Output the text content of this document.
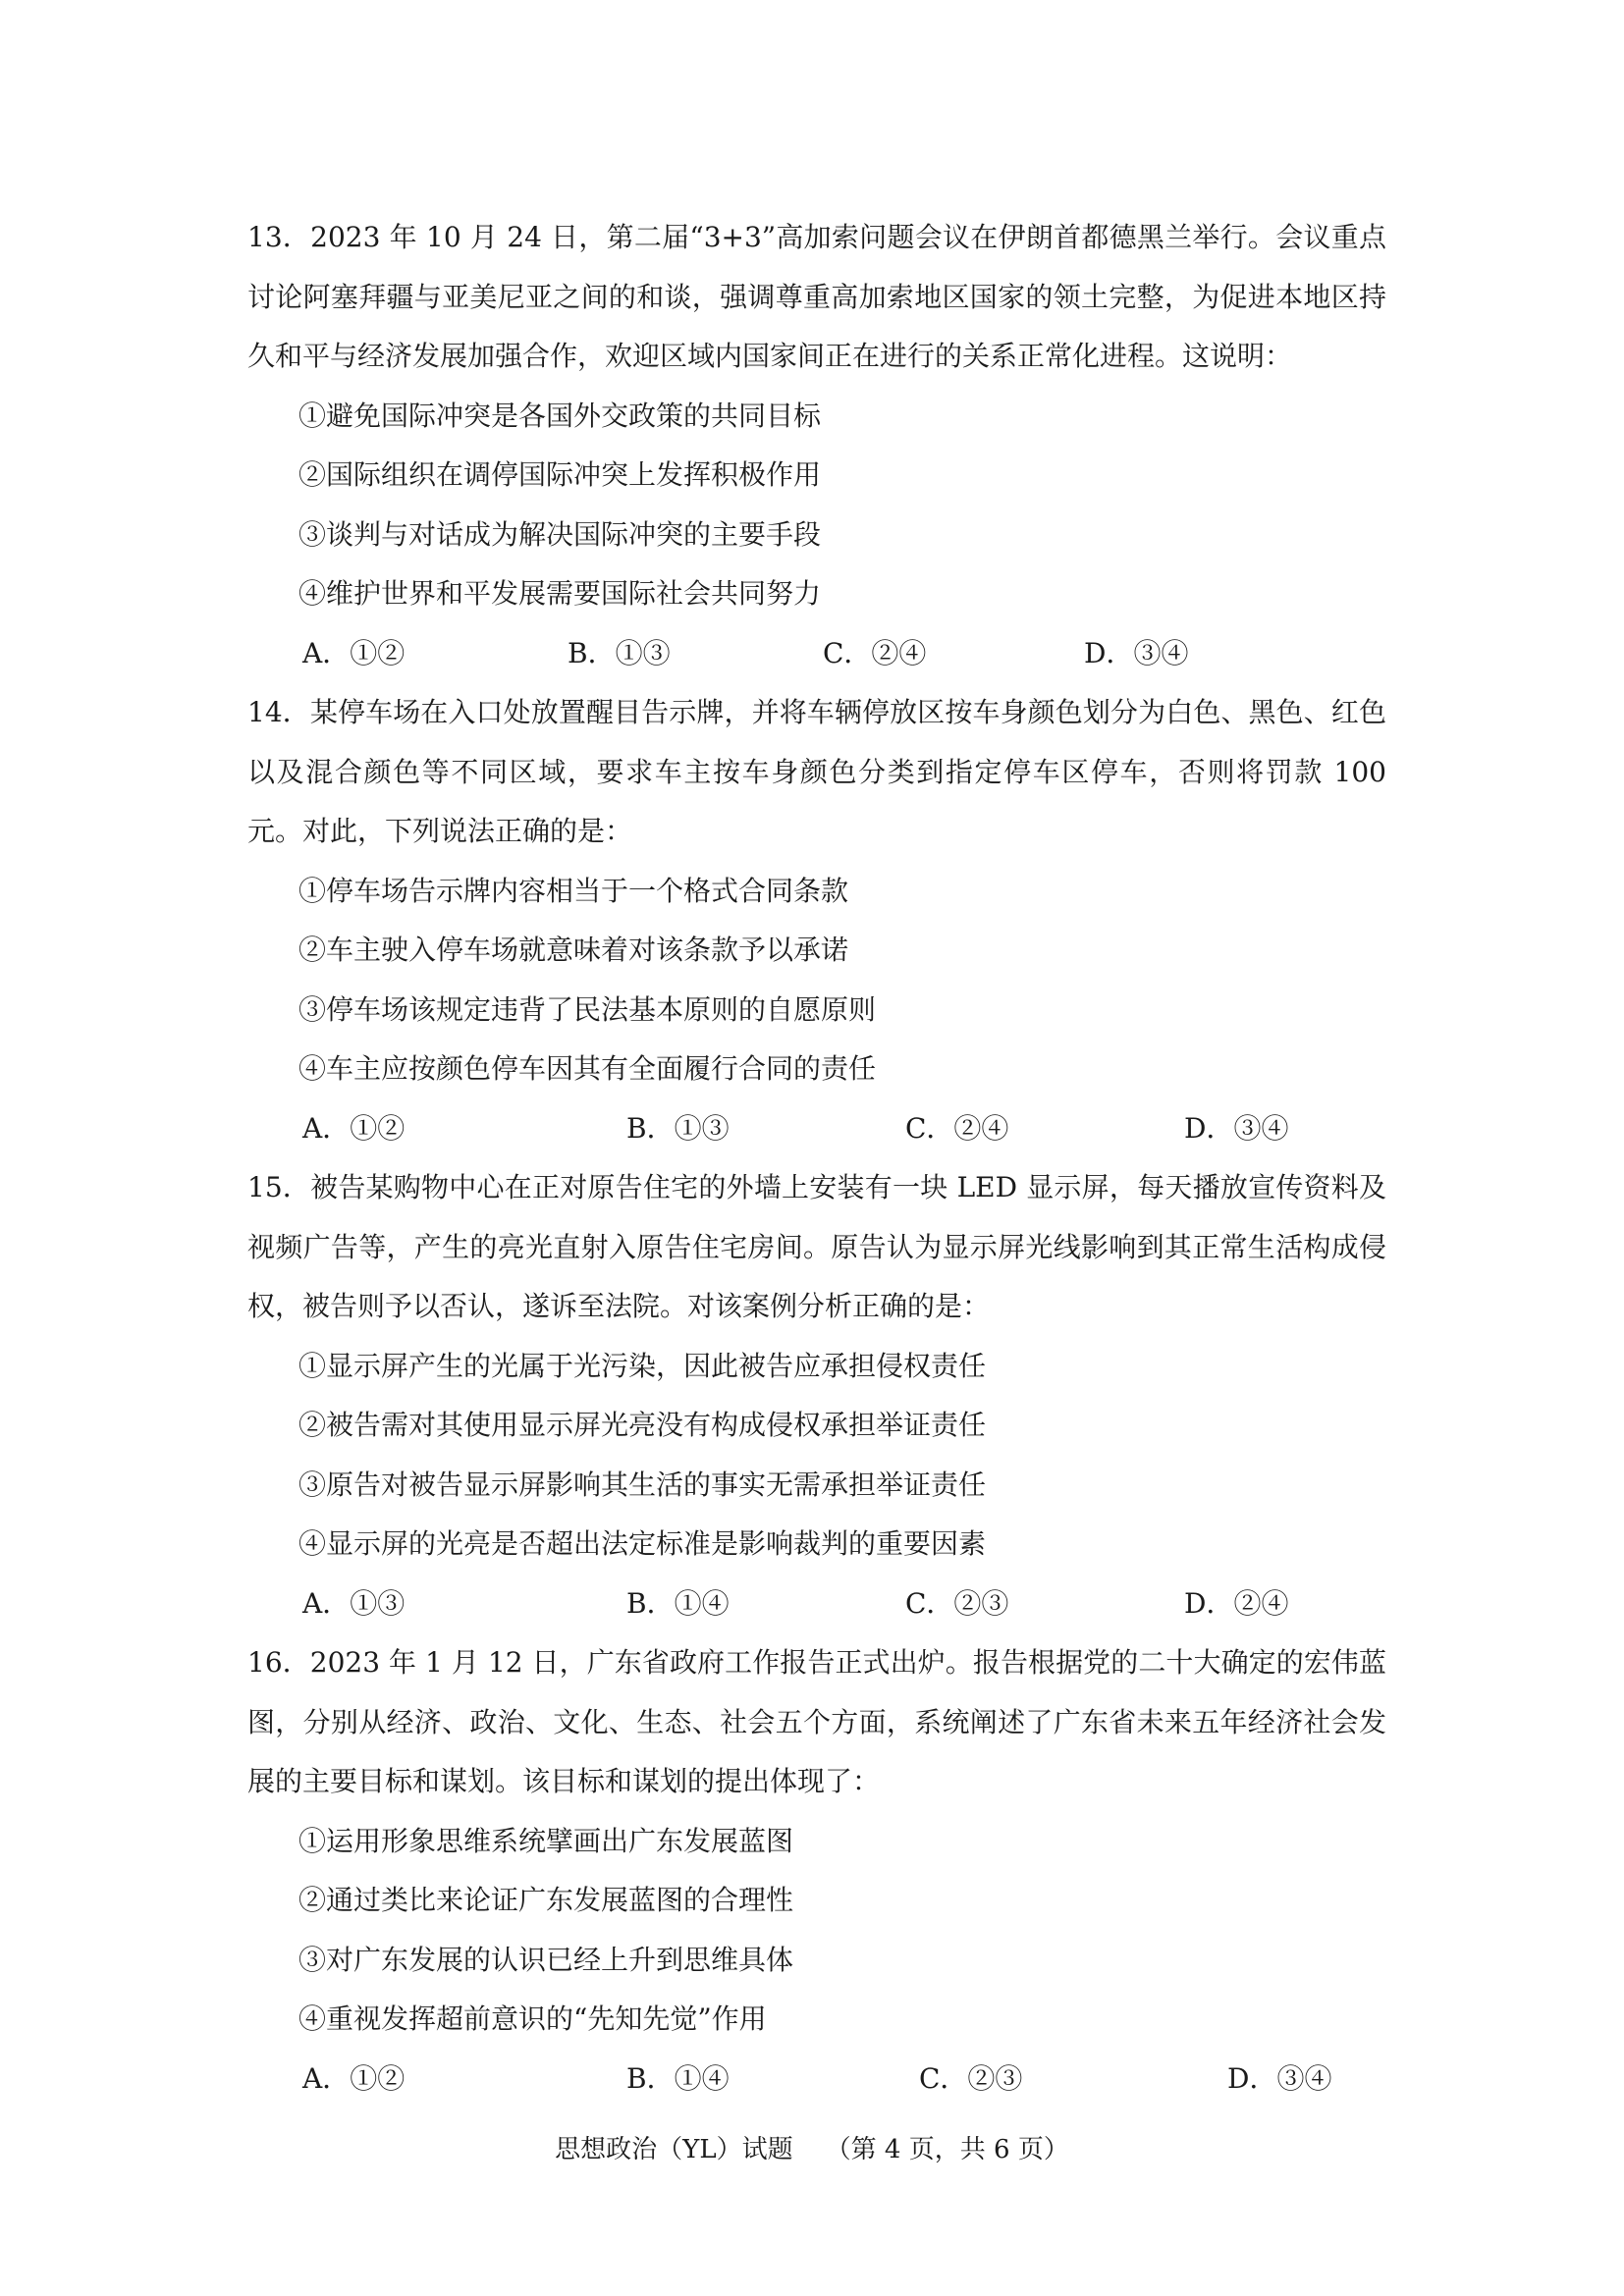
13．2023 年 10 月 24 日，第二届“3+3”高加索问题会议在伊朗首都德黑兰举行。会议重点讨论阿塞拜疆与亚美尼亚之间的和谈，强调尊重高加索地区国家的领土完整，为促进本地区持久和平与经济发展加强合作，欢迎区域内国家间正在进行的关系正常化进程。这说明：

①避免国际冲突是各国外交政策的共同目标

②国际组织在调停国际冲突上发挥积极作用

③谈判与对话成为解决国际冲突的主要手段

④维护世界和平发展需要国际社会共同努力

A．①②	B．①③	C．②④	D．③④

14．某停车场在入口处放置醒目告示牌，并将车辆停放区按车身颜色划分为白色、黑色、红色以及混合颜色等不同区域，要求车主按车身颜色分类到指定停车区停车，否则将罚款 100 元。对此，下列说法正确的是：

①停车场告示牌内容相当于一个格式合同条款

②车主驶入停车场就意味着对该条款予以承诺

③停车场该规定违背了民法基本原则的自愿原则

④车主应按颜色停车因其有全面履行合同的责任

A．①②	B．①③	C．②④	D．③④

15．被告某购物中心在正对原告住宅的外墙上安装有一块 LED 显示屏，每天播放宣传资料及视频广告等，产生的亮光直射入原告住宅房间。原告认为显示屏光线影响到其正常生活构成侵权，被告则予以否认，遂诉至法院。对该案例分析正确的是：

①显示屏产生的光属于光污染，因此被告应承担侵权责任

②被告需对其使用显示屏光亮没有构成侵权承担举证责任

③原告对被告显示屏影响其生活的事实无需承担举证责任

④显示屏的光亮是否超出法定标准是影响裁判的重要因素

A．①③	B．①④	C．②③	D．②④

16．2023 年 1 月 12 日，广东省政府工作报告正式出炉。报告根据党的二十大确定的宏伟蓝图，分别从经济、政治、文化、生态、社会五个方面，系统阐述了广东省未来五年经济社会发展的主要目标和谋划。该目标和谋划的提出体现了：

①运用形象思维系统擘画出广东发展蓝图

②通过类比来论证广东发展蓝图的合理性

③对广东发展的认识已经上升到思维具体

④重视发挥超前意识的“先知先觉”作用

A．①②	B．①④	C．②③	D．③④
思想政治（YL）试题 （第 4 页，共 6 页）
